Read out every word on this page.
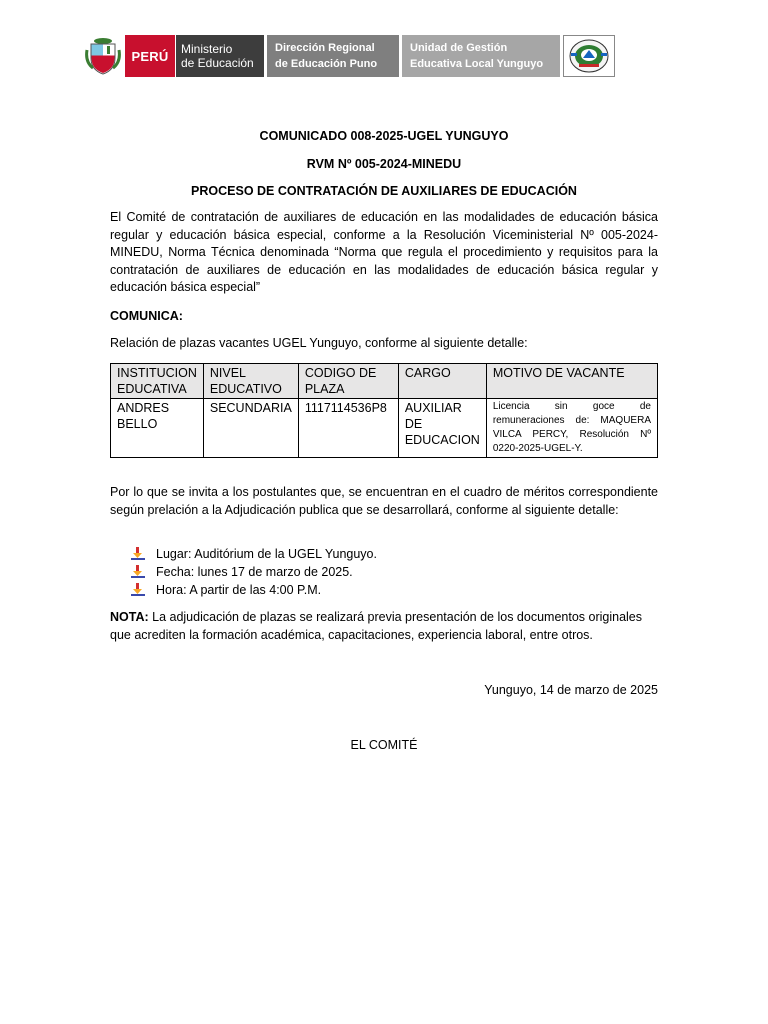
PERÚ	Ministerio
de Educación
Dirección Regional
de Educación Puno
Unidad de Gestión
Educativa Local Yunguyo
COMUNICADO 008-2025-UGEL YUNGUYO
RVM Nº 005-2024-MINEDU
PROCESO DE CONTRATACIÓN DE AUXILIARES DE EDUCACIÓN
El Comité de contratación de auxiliares de educación en las modalidades de educación básica regular y educación básica especial, conforme a la Resolución Viceministerial Nº 005-2024-MINEDU, Norma Técnica denominada “Norma que regula el procedimiento y requisitos para la contratación de auxiliares de educación en las modalidades de educación básica regular y educación básica especial”
COMUNICA:
Relación de plazas vacantes UGEL Yunguyo, conforme al siguiente detalle:
INSTITUCION EDUCATIVA	NIVEL EDUCATIVO	CODIGO DE PLAZA	CARGO	MOTIVO DE VACANTE
ANDRES BELLO	SECUNDARIA	1117114536P8	AUXILIAR DE EDUCACION	Licencia sin goce de remuneraciones de: MAQUERA VILCA PERCY, Resolución Nº 0220-2025-UGEL-Y.
Por lo que se invita a los postulantes que, se encuentran en el cuadro de méritos correspondiente según prelación a la Adjudicación publica que se desarrollará, conforme al siguiente detalle:
Lugar: Auditórium de la UGEL Yunguyo.
Fecha: lunes 17 de marzo de 2025.
Hora: A partir de las 4:00 P.M.
NOTA: La adjudicación de plazas se realizará previa presentación de los documentos originales que acrediten la formación académica, capacitaciones, experiencia laboral, entre otros.
Yunguyo, 14 de marzo de 2025
EL COMITÉ
